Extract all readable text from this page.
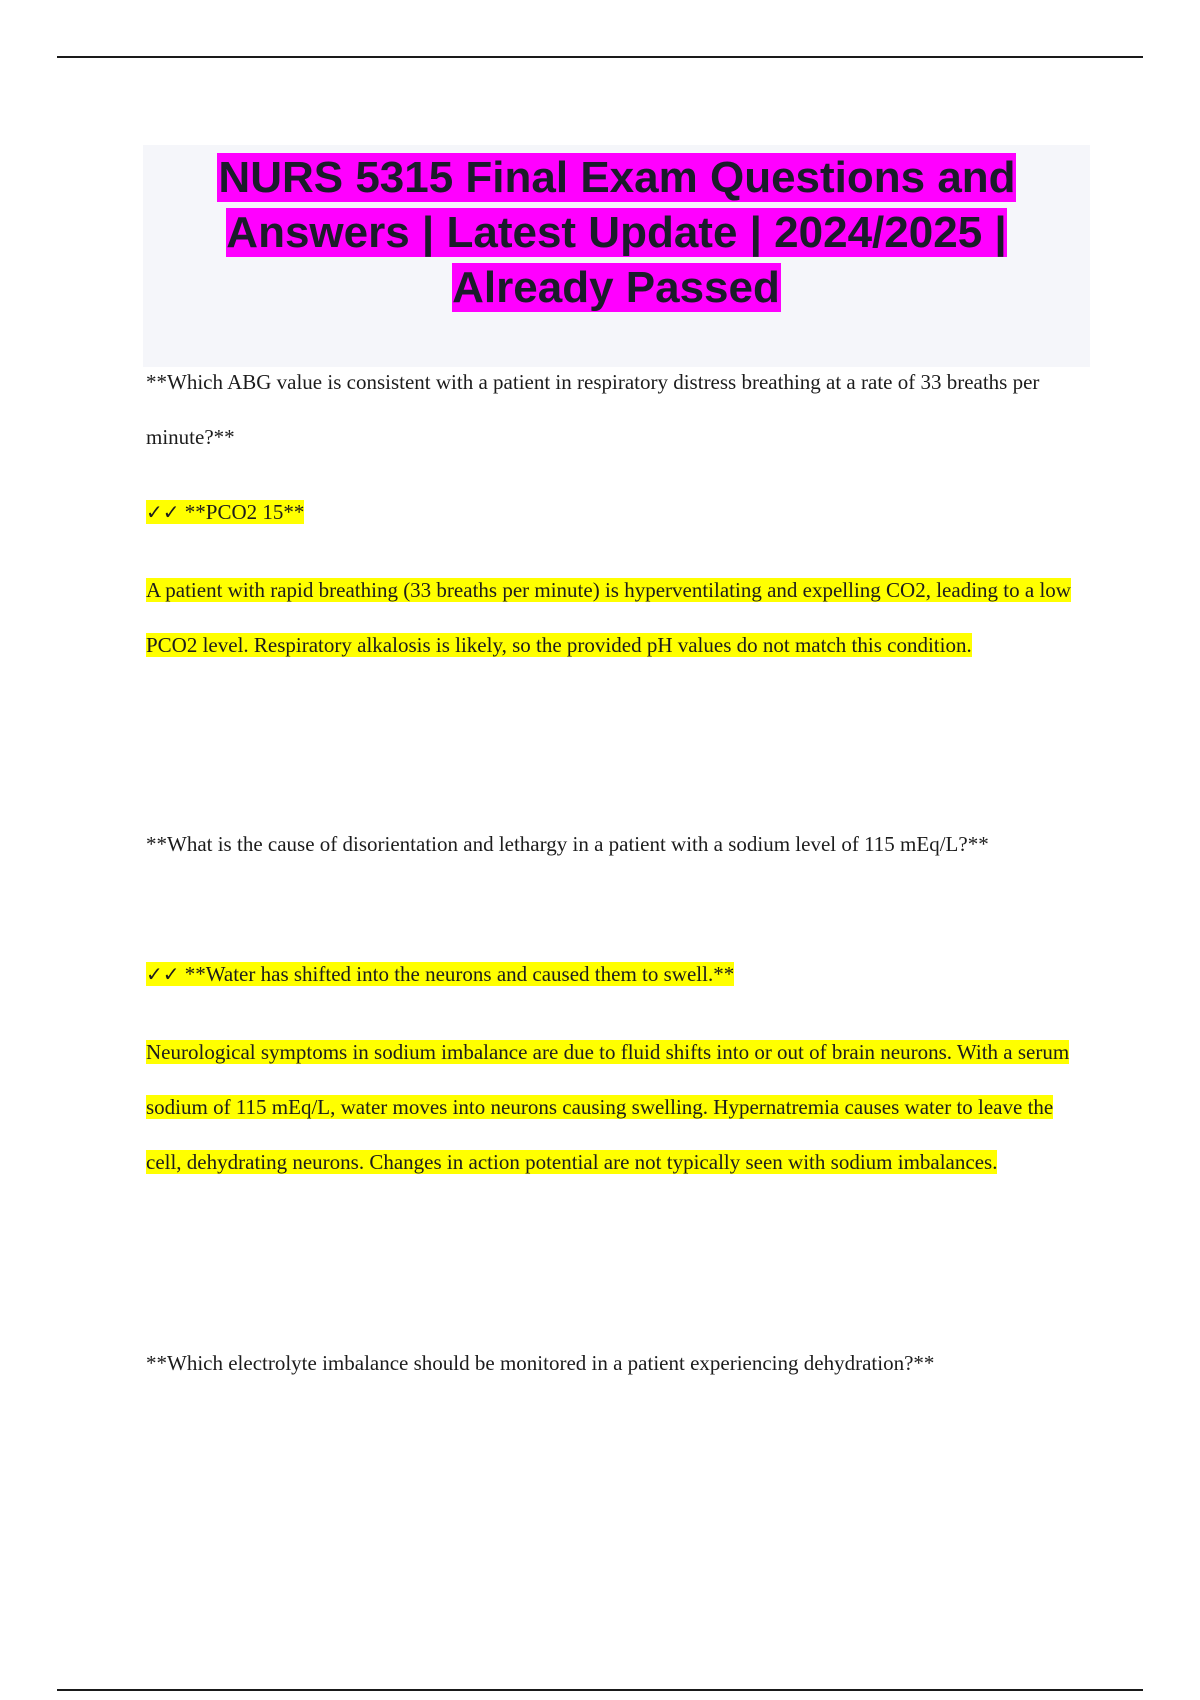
NURS 5315 Final Exam Questions and Answers | Latest Update | 2024/2025 | Already Passed

**Which ABG value is consistent with a patient in respiratory distress breathing at a rate of 33 breaths per minute?**

✓✓ **PCO2 15**

A patient with rapid breathing (33 breaths per minute) is hyperventilating and expelling CO2, leading to a low PCO2 level. Respiratory alkalosis is likely, so the provided pH values do not match this condition.

**What is the cause of disorientation and lethargy in a patient with a sodium level of 115 mEq/L?**

✓✓ **Water has shifted into the neurons and caused them to swell.**

Neurological symptoms in sodium imbalance are due to fluid shifts into or out of brain neurons. With a serum sodium of 115 mEq/L, water moves into neurons causing swelling. Hypernatremia causes water to leave the cell, dehydrating neurons. Changes in action potential are not typically seen with sodium imbalances.

**Which electrolyte imbalance should be monitored in a patient experiencing dehydration?**
